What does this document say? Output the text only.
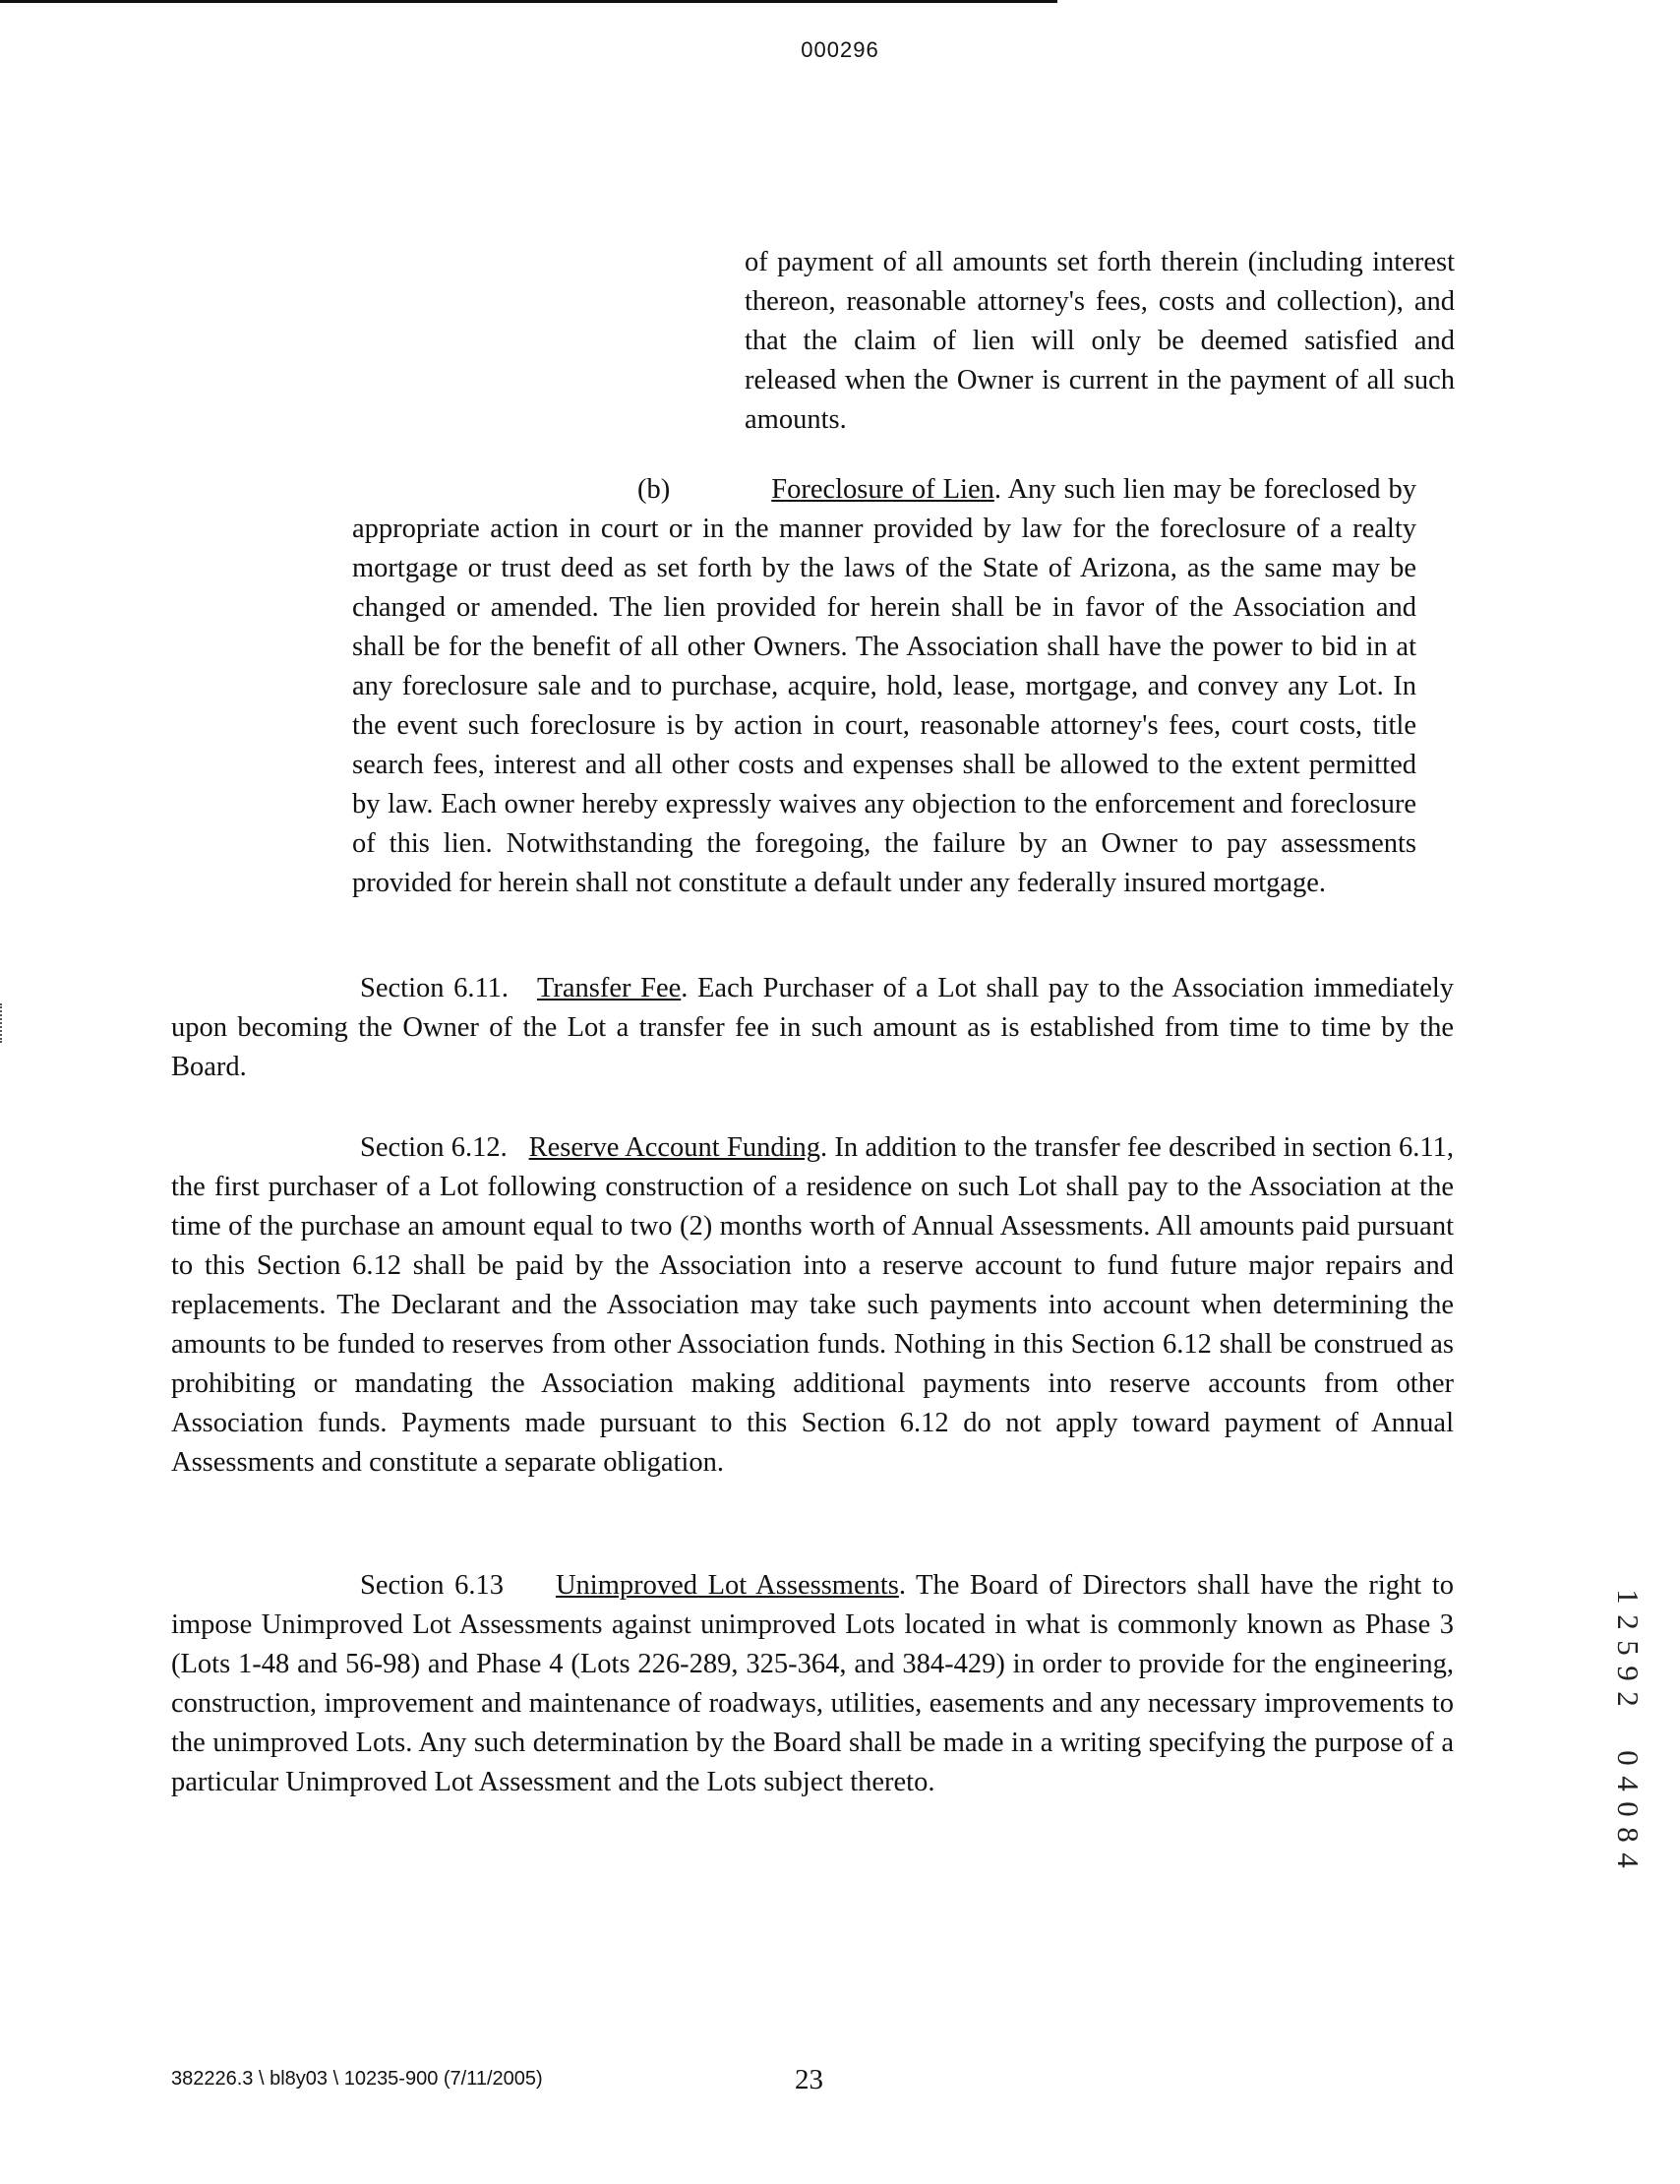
000296

of payment of all amounts set forth therein (including interest thereon, reasonable attorney's fees, costs and collection), and that the claim of lien will only be deemed satisfied and released when the Owner is current in the payment of all such amounts.

(b)	Foreclosure of Lien. Any such lien may be foreclosed by appropriate action in court or in the manner provided by law for the foreclosure of a realty mortgage or trust deed as set forth by the laws of the State of Arizona, as the same may be changed or amended. The lien provided for herein shall be in favor of the Association and shall be for the benefit of all other Owners. The Association shall have the power to bid in at any foreclosure sale and to purchase, acquire, hold, lease, mortgage, and convey any Lot. In the event such foreclosure is by action in court, reasonable attorney's fees, court costs, title search fees, interest and all other costs and expenses shall be allowed to the extent permitted by law. Each owner hereby expressly waives any objection to the enforcement and foreclosure of this lien. Notwithstanding the foregoing, the failure by an Owner to pay assessments provided for herein shall not constitute a default under any federally insured mortgage.

Section 6.11. Transfer Fee. Each Purchaser of a Lot shall pay to the Association immediately upon becoming the Owner of the Lot a transfer fee in such amount as is established from time to time by the Board.

Section 6.12. Reserve Account Funding. In addition to the transfer fee described in section 6.11, the first purchaser of a Lot following construction of a residence on such Lot shall pay to the Association at the time of the purchase an amount equal to two (2) months worth of Annual Assessments. All amounts paid pursuant to this Section 6.12 shall be paid by the Association into a reserve account to fund future major repairs and replacements. The Declarant and the Association may take such payments into account when determining the amounts to be funded to reserves from other Association funds. Nothing in this Section 6.12 shall be construed as prohibiting or mandating the Association making additional payments into reserve accounts from other Association funds. Payments made pursuant to this Section 6.12 do not apply toward payment of Annual Assessments and constitute a separate obligation.

Section 6.13 Unimproved Lot Assessments. The Board of Directors shall have the right to impose Unimproved Lot Assessments against unimproved Lots located in what is commonly known as Phase 3 (Lots 1-48 and 56-98) and Phase 4 (Lots 226-289, 325-364, and 384-429) in order to provide for the engineering, construction, improvement and maintenance of roadways, utilities, easements and any necessary improvements to the unimproved Lots. Any such determination by the Board shall be made in a writing specifying the purpose of a particular Unimproved Lot Assessment and the Lots subject thereto.

1
2
5
9
2
0
4
0
8
4
382226.3 \ bl8y03 \ 10235-900 (7/11/2005)	23
